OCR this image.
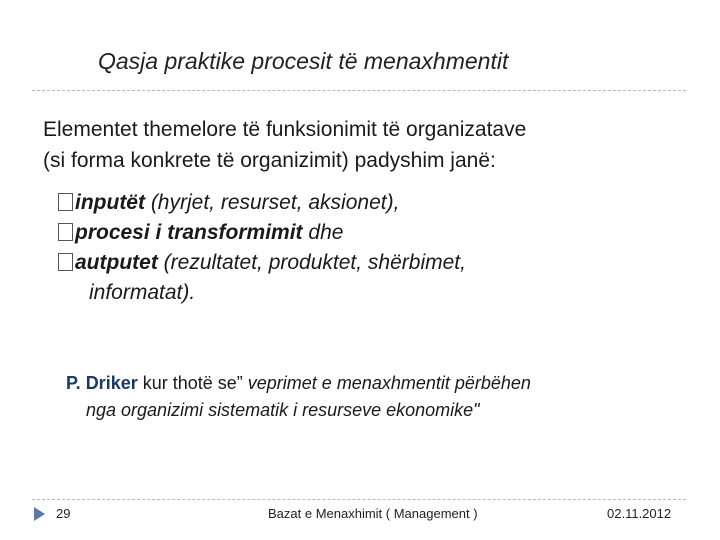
Qasja praktike procesit të menaxhmentit
Elementet themelore të funksionimit të organizatave
(si forma konkrete të organizimit) padyshim janë:
inputët (hyrjet, resurset, aksionet),
procesi i transformimit dhe
autputet (rezultatet, produktet, shërbimet,
informatat).
P. Driker kur thotë se” veprimet e menaxhmentit përbëhen
nga organizimi sistematik i resurseve ekonomike"
29	Bazat e Menaxhimit ( Management )	02.11.2012
